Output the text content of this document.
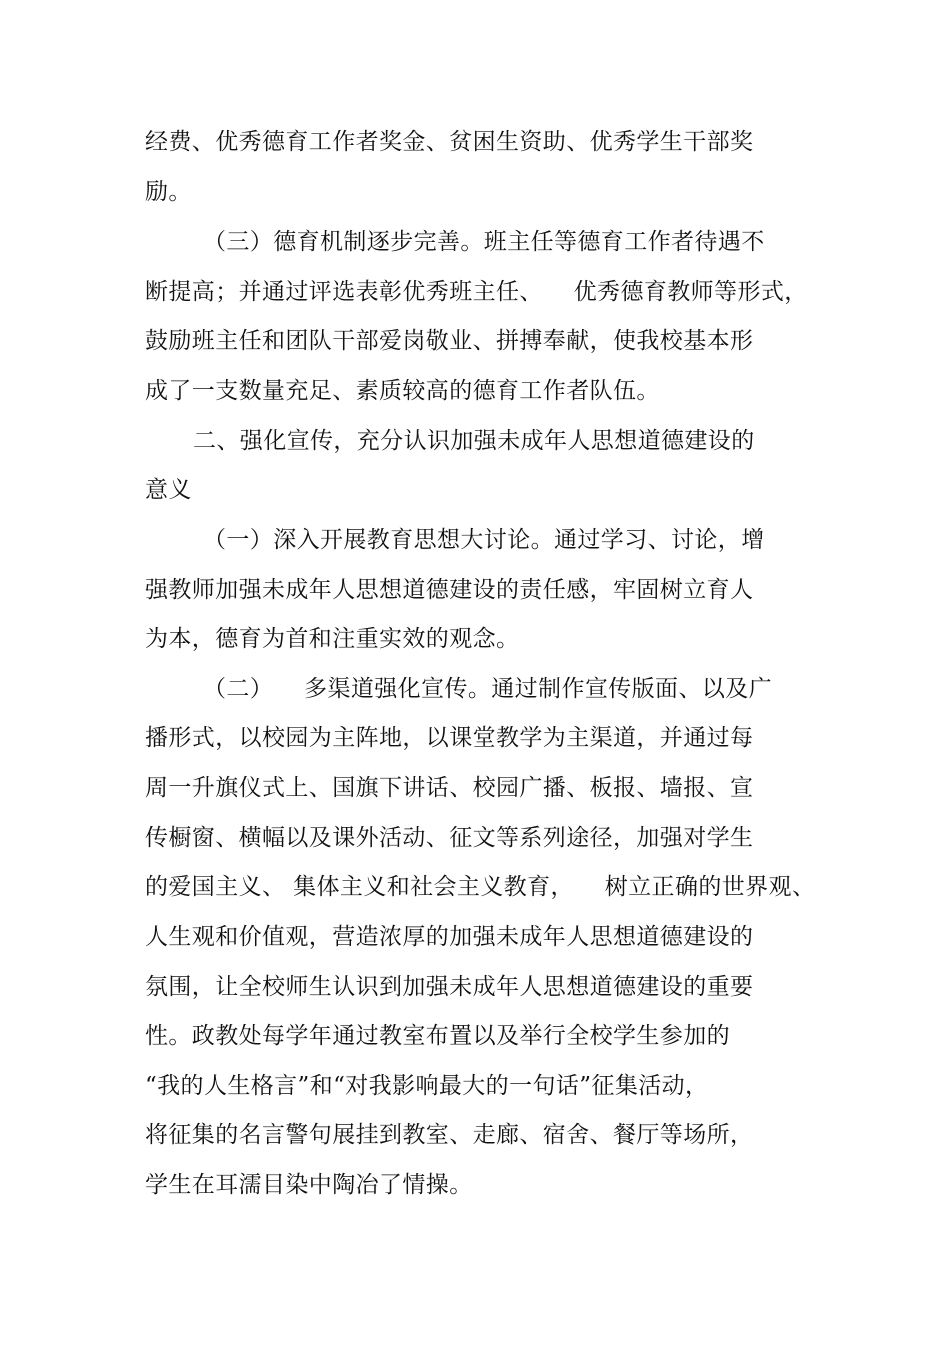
经费、优秀德育工作者奖金、贫困生资助、优秀学生干部奖
励。
（三）德育机制逐步完善。班主任等德育工作者待遇不
断提高；并通过评选表彰优秀班主任、    优秀德育教师等形式，
鼓励班主任和团队干部爱岗敬业、拼搏奉献，使我校基本形
成了一支数量充足、素质较高的德育工作者队伍。
二、强化宣传，充分认识加强未成年人思想道德建设的
意义
（一）深入开展教育思想大讨论。通过学习、讨论，增
强教师加强未成年人思想道德建设的责任感，牢固树立育人
为本，德育为首和注重实效的观念。
（二）    多渠道强化宣传。通过制作宣传版面、以及广
播形式，以校园为主阵地，以课堂教学为主渠道，并通过每
周一升旗仪式上、国旗下讲话、校园广播、板报、墙报、宣
传橱窗、横幅以及课外活动、征文等系列途径，加强对学生
的爱国主义、 集体主义和社会主义教育，    树立正确的世界观、
人生观和价值观，营造浓厚的加强未成年人思想道德建设的
氛围，让全校师生认识到加强未成年人思想道德建设的重要
性。政教处每学年通过教室布置以及举行全校学生参加的
“我的人生格言”和“对我影响最大的一句话”征集活动，
将征集的名言警句展挂到教室、走廊、宿舍、餐厅等场所，
学生在耳濡目染中陶冶了情操。
